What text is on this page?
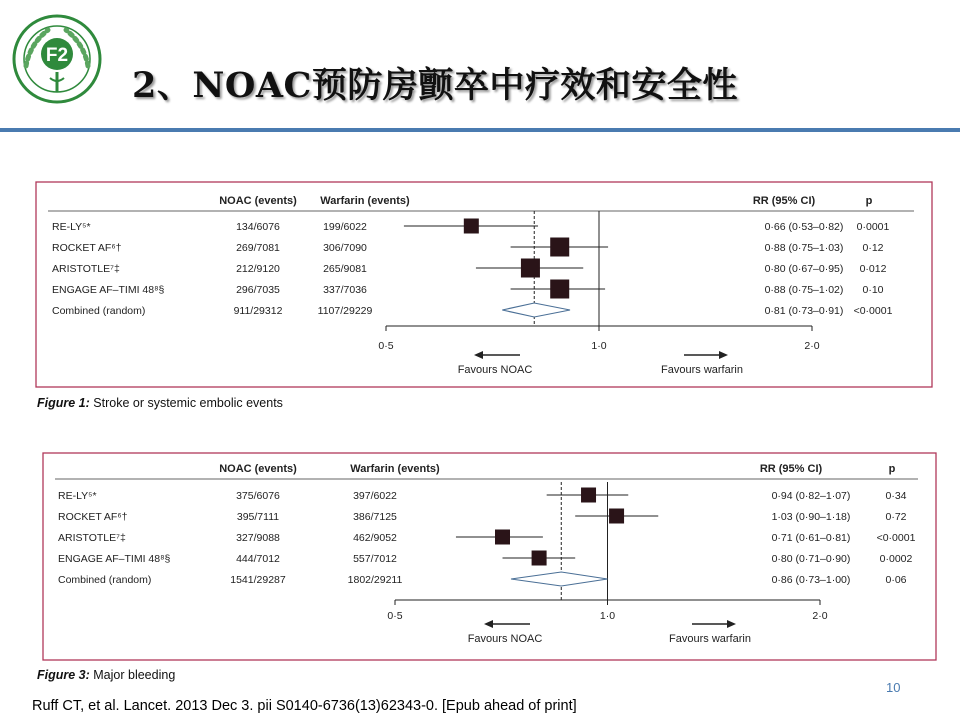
F2
2、NOAC预防房颤卒中疗效和安全性
NOAC (events) Warfarin (events)	RR (95% CI)	p
RE-LY⁵*	134/6076	199/6022	0·66 (0·53–0·82) 0·0001
ROCKET AF⁶†	269/7081	306/7090	0·88 (0·75–1·03) 0·12
ARISTOTLE⁷‡	212/9120	265/9081	0·80 (0·67–0·95) 0·012
ENGAGE AF–TIMI 48⁸§	296/7035	337/7036	0·88 (0·75–1·02) 0·10
Combined (random)	911/29312	1107/29229	0·81 (0·73–0·91) <0·0001
0·5	1·0	2·0
Favours NOAC	Favours warfarin
Figure 1: Stroke or systemic embolic events
NOAC (events)	Warfarin (events)	RR (95% CI)	p
RE-LY⁵*	375/6076	397/6022	0·94 (0·82–1·07)	0·34
ROCKET AF⁶†	395/7111	386/7125	1·03 (0·90–1·18)	0·72
ARISTOTLE⁷‡	327/9088	462/9052	0·71 (0·61–0·81) <0·0001
ENGAGE AF–TIMI 48⁸§	444/7012	557/7012	0·80 (0·71–0·90)	0·0002
Combined (random)	1541/29287	1802/29211	0·86 (0·73–1·00)	0·06
0·5	1·0	2·0
Favours NOAC	Favours warfarin
Figure 3: Major bleeding
10
Ruff CT, et al. Lancet. 2013 Dec 3. pii S0140-6736(13)62343-0. [Epub ahead of print]
